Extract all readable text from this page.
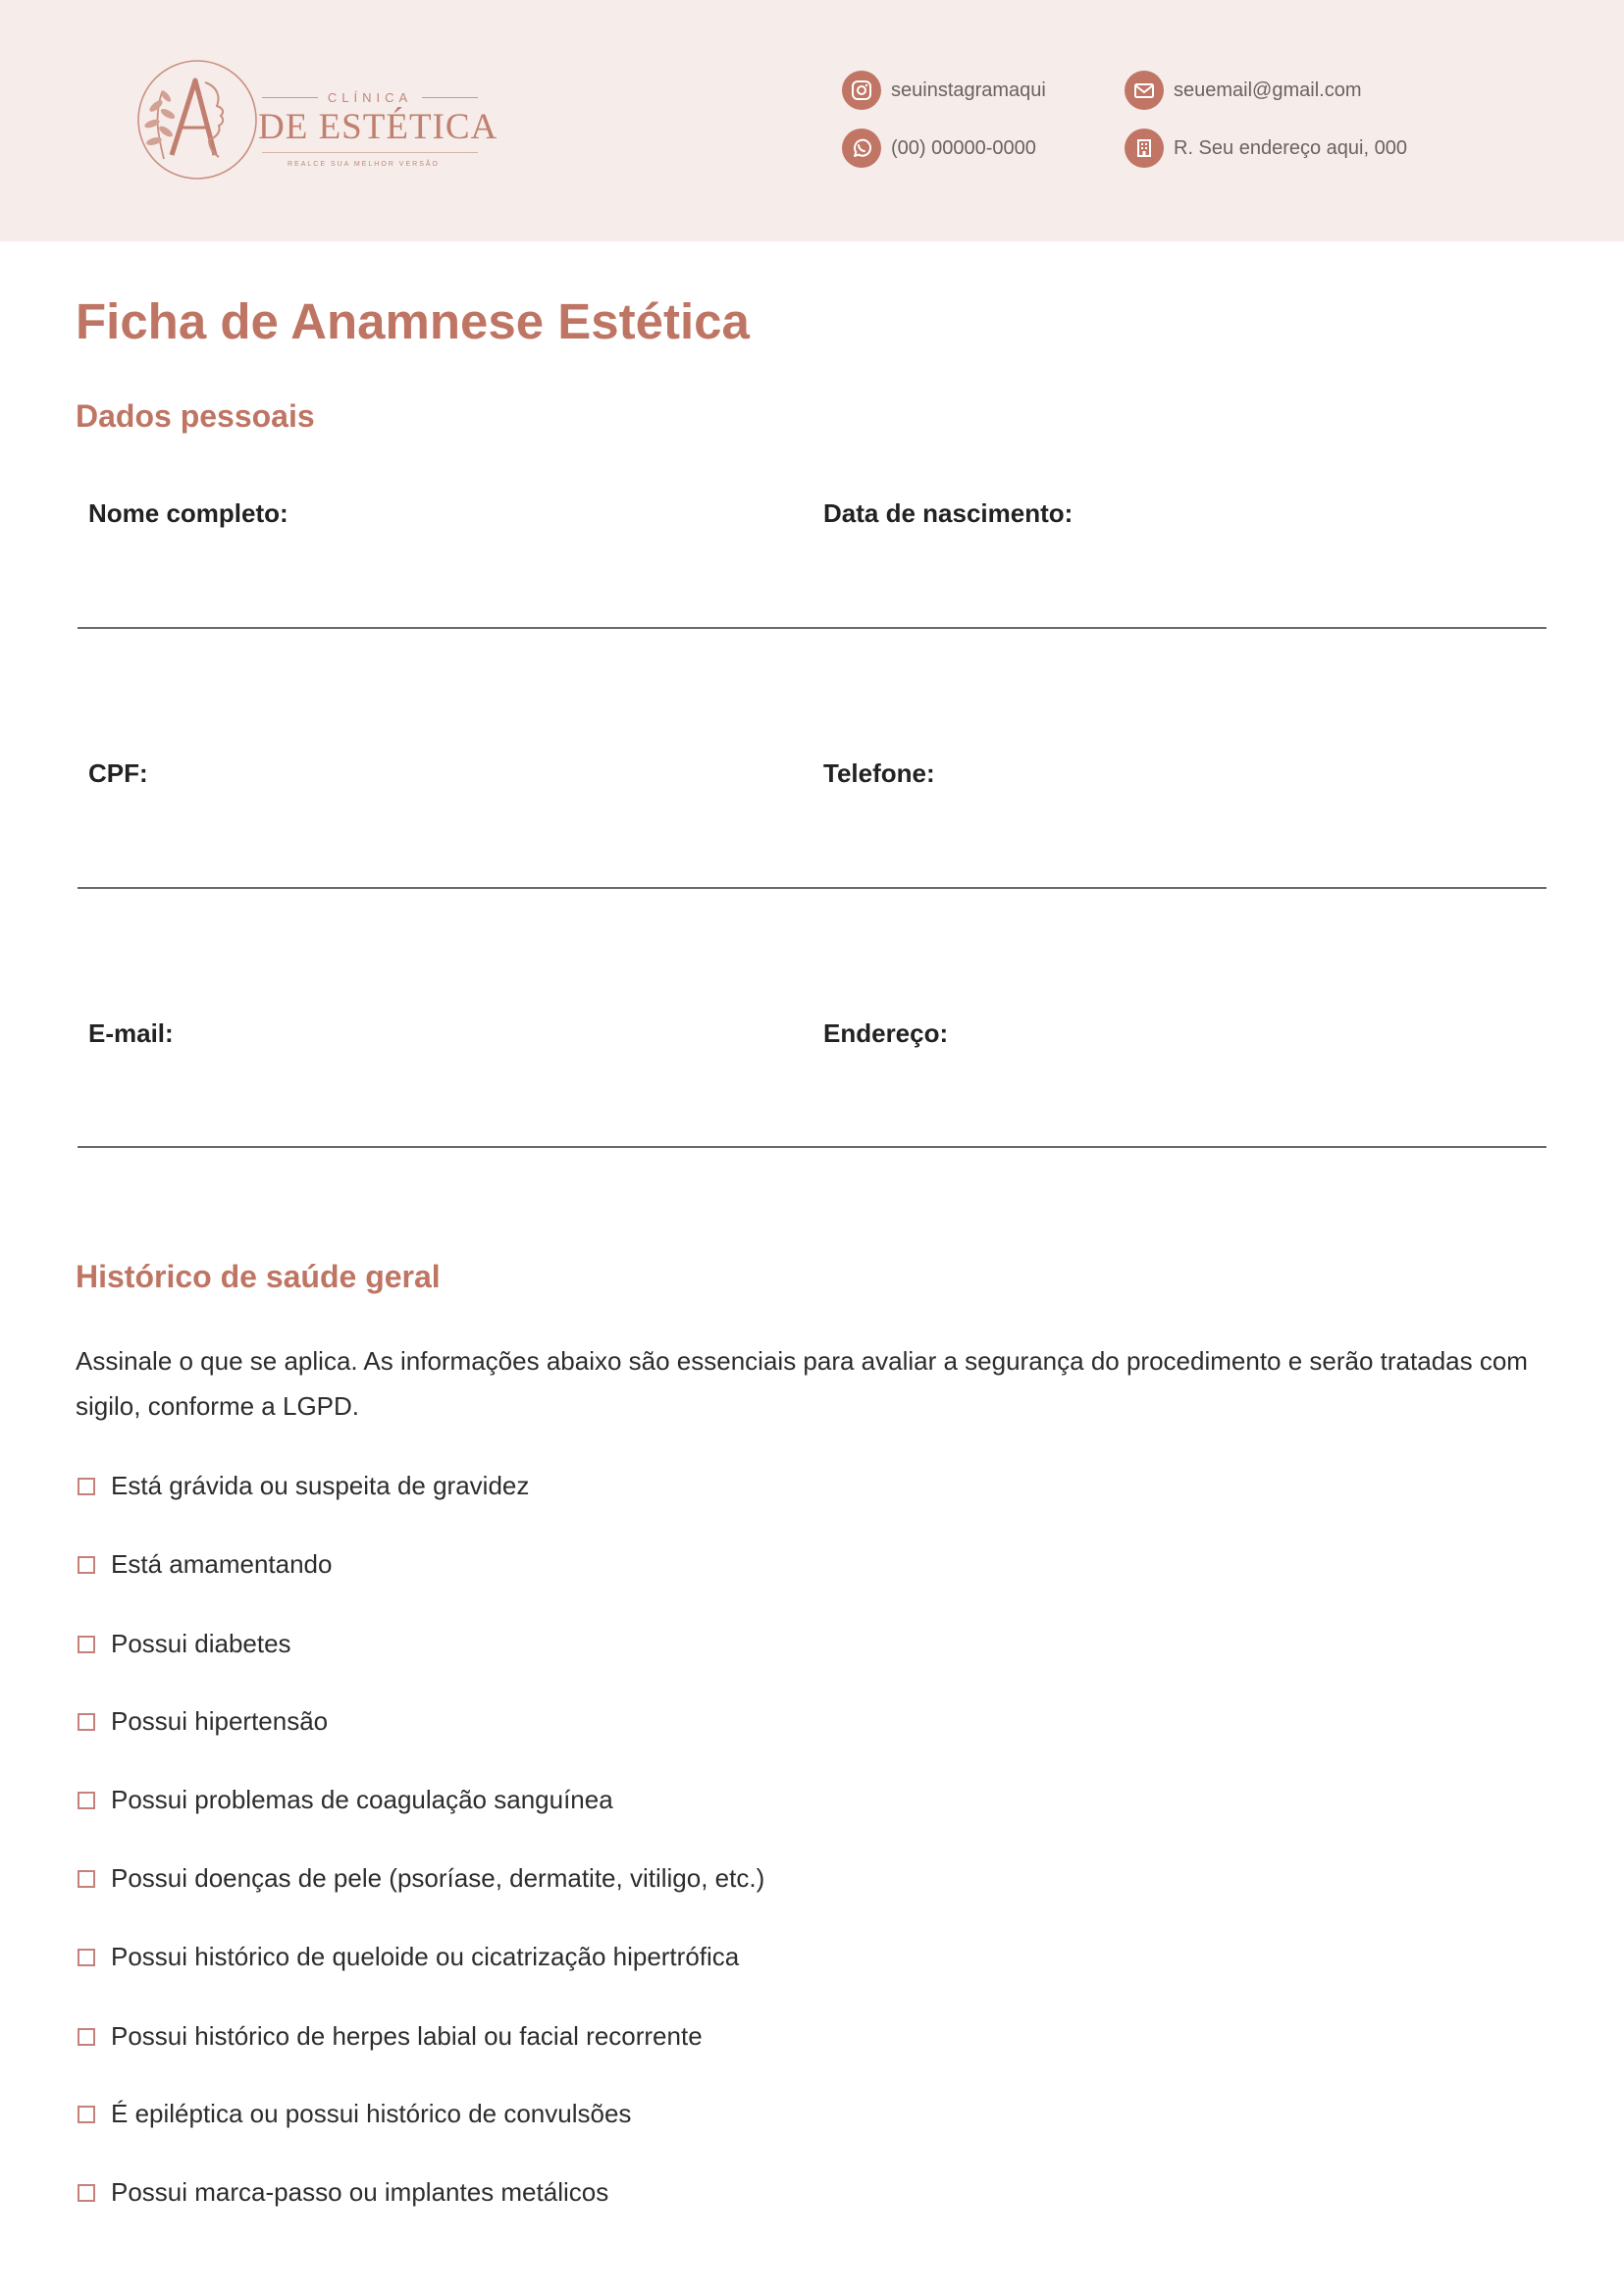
CLÍNICA
DE ESTÉTICA
REALCE SUA MELHOR VERSÃO
seuinstagramaqui	seuemail@gmail.com
(00) 00000-0000	R. Seu endereço aqui, 000
Ficha de Anamnese Estética
Dados pessoais
Nome completo:	Data de nascimento:
CPF:	Telefone:
E-mail:	Endereço:
Histórico de saúde geral

Assinale o que se aplica. As informações abaixo são essenciais para avaliar a segurança do procedimento e serão tratadas com sigilo, conforme a LGPD.

Está grávida ou suspeita de gravidez
Está amamentando
Possui diabetes
Possui hipertensão
Possui problemas de coagulação sanguínea
Possui doenças de pele (psoríase, dermatite, vitiligo, etc.)
Possui histórico de queloide ou cicatrização hipertrófica
Possui histórico de herpes labial ou facial recorrente
É epiléptica ou possui histórico de convulsões
Possui marca-passo ou implantes metálicos
